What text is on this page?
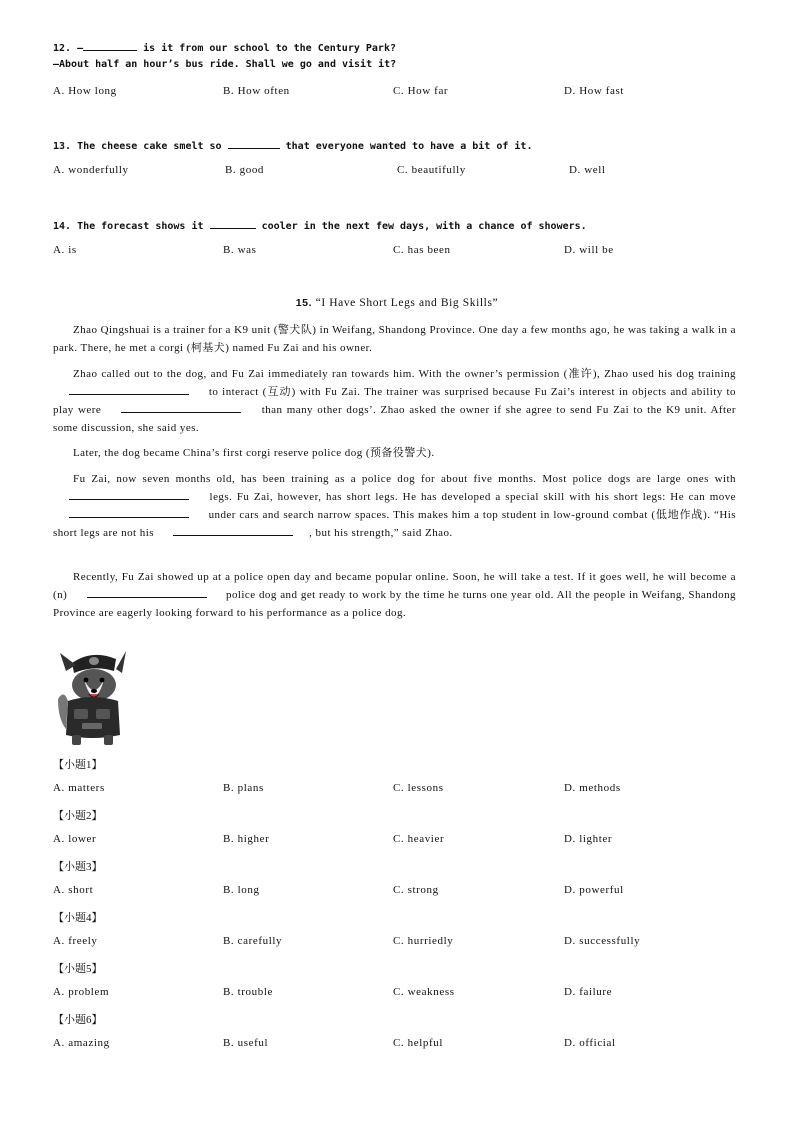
12. —	is it from our school to the Century Park?
—About half an hour’s bus ride. Shall we go and visit it?
A. How long	B. How often	C. How far	D. How fast
13. The cheese cake smelt so	that everyone wanted to have a bit of it.
A. wonderfully	B. good	C. beautifully	D. well
14. The forecast shows it	cooler in the next few days, with a chance of showers.
A. is	B. was	C. has been	D. will be
15. “I Have Short Legs and Big Skills”
Zhao Qingshuai is a trainer for a K9 unit (警犬队) in Weifang, Shandong Province. One day a few months ago, he was taking a walk in a park. There, he met a corgi (柯基犬) named Fu Zai and his owner.
Zhao called out to the dog, and Fu Zai immediately ran towards him. With the owner’s permission (准许), Zhao used his dog training  to interact (互动) with Fu Zai. The trainer was surprised because Fu Zai’s interest in objects and ability to play were	than many other dogs’. Zhao asked the owner if she agree to send Fu Zai to the K9 unit. After some discussion, she said yes.
Later, the dog became China’s first corgi reserve police dog (预备役警犬).
Fu Zai, now seven months old, has been training as a police dog for about five months. Most police dogs are large ones with  legs. Fu Zai, however, has short legs. He has developed a special skill with his short legs: He can move  under cars and search narrow spaces. This makes him a top student in low-ground combat (低地作战). “His short legs are not his	, but his strength,” said Zhao.
Recently, Fu Zai showed up at a police open day and became popular online. Soon, he will take a test. If it goes well, he will become a (n)	police dog and get ready to work by the time he turns one year old. All the people in Weifang, Shandong Province are eagerly looking forward to his performance as a police dog.
【小题1】
A. matters	B. plans	C. lessons	D. methods
【小题2】
A. lower	B. higher	C. heavier	D. lighter
【小题3】
A. short	B. long	C. strong	D. powerful
【小题4】
A. freely	B. carefully	C. hurriedly	D. successfully
【小题5】
A. problem	B. trouble	C. weakness	D. failure
【小题6】
A. amazing	B. useful	C. helpful	D. official
